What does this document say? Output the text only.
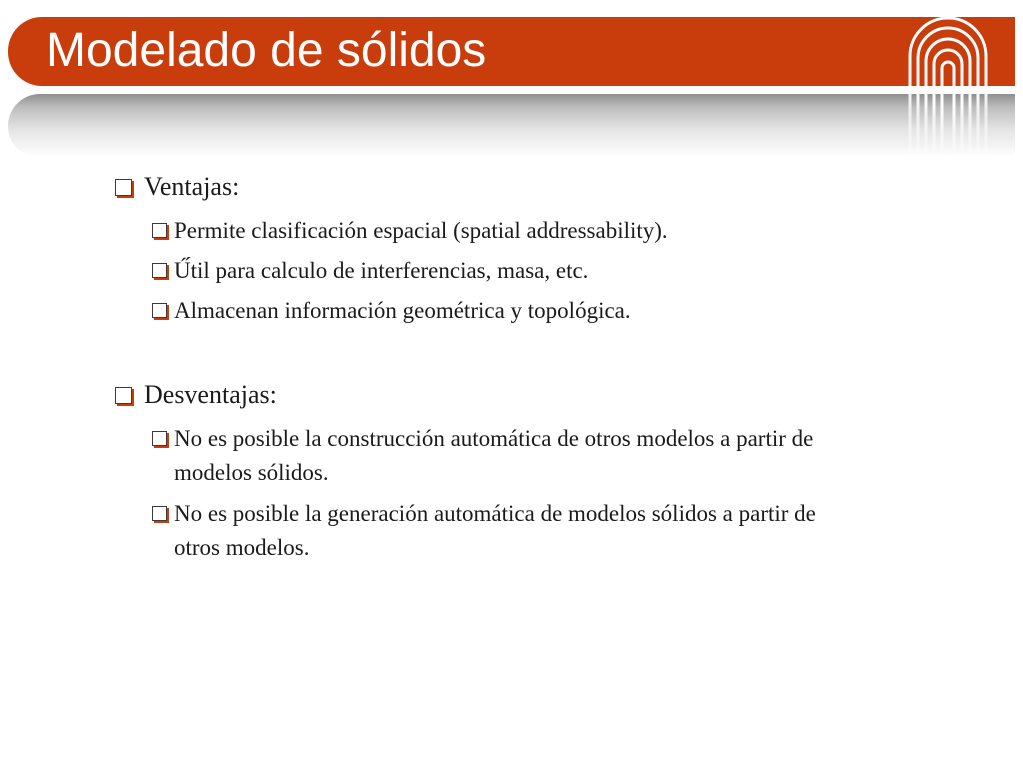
Modelado de sólidos
Ventajas:
Permite clasificación espacial (spatial addressability).
Ú́til para calculo de interferencias, masa, etc.
Almacenan información geométrica y topológica.
Desventajas:
No es posible la construcción automática de otros modelos a partir de
modelos sólidos.
No es posible la generación automática de modelos sólidos a partir de
otros modelos.
